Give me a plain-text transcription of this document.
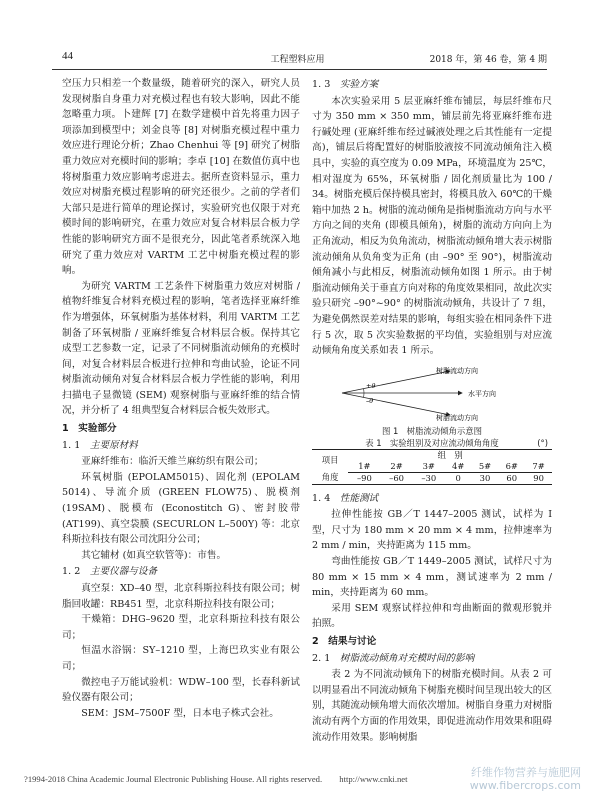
44	工程塑料应用	2018 年，第 46 卷，第 4 期

空压力只相差一个数量级，随着研究的深入，研究人员发现树脂自身重力对充模过程也有较大影响，因此不能忽略重力项。卜建辉 [7] 在数学建模中首先将重力因子项添加到模型中；刘金良等 [8] 对树脂充模过程中重力效应进行理论分析；Zhao Chenhui 等 [9] 研究了树脂重力效应对充模时间的影响；李卓 [10] 在数值仿真中也将树脂重力效应影响考虑进去。据所查资料显示，重力效应对树脂充模过程影响的研究还很少。之前的学者们大部只是进行简单的理论探讨，实验研究也仅限于对充模时间的影响研究，在重力效应对复合材料层合板力学性能的影响研究方面不是很充分，因此笔者系统深入地研究了重力效应对 VARTM 工艺中树脂充模过程的影响。

为研究 VARTM 工艺条件下树脂重力效应对树脂 / 植物纤维复合材料充模过程的影响，笔者选择亚麻纤维作为增强体，环氧树脂为基体材料，利用 VARTM 工艺制备了环氧树脂 / 亚麻纤维复合材料层合板。保持其它成型工艺参数一定，记录了不同树脂流动倾角的充模时间，对复合材料层合板进行拉伸和弯曲试验，论证不同树脂流动倾角对复合材料层合板力学性能的影响，利用扫描电子显微镜 (SEM) 观察树脂与亚麻纤维的结合情况，并分析了 4 组典型复合材料层合板失效形式。

1　实验部分
1. 1　 主要原材料

亚麻纤维布：临沂天维兰麻纺织有限公司；

环氧树脂 (EPOLAM5015)、固化剂 (EPOLAM 5014)、导流介质 (GREEN FLOW75)、脱模剂 (19SAM)、脱模布 (Econostitch G)、密封胶带 (AT199)、真空袋膜 (SECURLON L–500Y) 等：北京科斯拉科技有限公司沈阳分公司；

其它辅材 (如真空软管等)：市售。

1. 2　 主要仪器与设备

真空泵：XD–40 型，北京科斯拉科技有限公司；树脂回收罐：RB451 型，北京科斯拉科技有限公司；

干燥箱：DHG–9620 型，北京科斯拉科技有限公司；

恒温水浴锅：SY–1210 型，上海巴玖实业有限公司；

微控电子万能试验机：WDW–100 型，长春科新试验仪器有限公司；

SEM：JSM–7500F 型，日本电子株式会社。

1. 3　 实验方案

本次实验采用 5 层亚麻纤维布铺层，每层纤维布尺寸为 350 mm × 350 mm，铺层前先将亚麻纤维布进行碱处理 (亚麻纤维布经过碱液处理之后其性能有一定提高)，铺层后将配置好的树脂胶液按不同流动倾角注入模具中，实验的真空度为 0.09 MPa，环境温度为 25℃，相对湿度为 65%，环氧树脂 / 固化剂质量比为 100 / 34。树脂充模后保持模具密封，将模具放入 60℃的干燥箱中加热 2 h。树脂的流动倾角是指树脂流动方向与水平方向之间的夹角 (即模具倾角)，树脂的流动方向向上为正角流动，相反为负角流动，树脂流动倾角增大表示树脂流动倾角从负角变为正角 (由 –90° 至 90°)，树脂流动倾角减小与此相反，树脂流动倾角如图 1 所示。由于树脂流动倾角关于垂直方向对称的角度效果相同，故此次实验只研究 –90°~90° 的树脂流动倾角，共设计了 7 组，为避免偶然误差对结果的影响，每组实验在相同条件下进行 5 次，取 5 次实验数据的平均值，实验组别与对应流动倾角角度关系如表 1 所示。

+θ
–θ
树脂流动方向
水平方向
树脂流动方向
图 1　树脂流动倾角示意图
表 1　实验组别及对应流动倾角角度	(°)
项目	组　别						
	1#	2#	3#	4#	5#	6#	7#
角度	–90	–60	–30	0	30	60	90
1. 4　 性能测试

拉伸性能按 GB／T 1447–2005 测试，试样为 I 型，尺寸为 180 mm × 20 mm × 4 mm，拉伸速率为 2 mm / min，夹持距离为 115 mm。

弯曲性能按 GB／T 1449–2005 测试，试样尺寸为 80 mm × 15 mm × 4 mm，测试速率为 2 mm / min，夹持距离为 60 mm。

采用 SEM 观察试样拉伸和弯曲断面的微观形貌并拍照。

2　结果与讨论
2. 1　 树脂流动倾角对充模时间的影响

表 2 为不同流动倾角下的树脂充模时间。从表 2 可以明显看出不同流动倾角下树脂充模时间呈现出较大的区别，其随流动倾角增大而依次增加。树脂自身重力对树脂流动有两个方面的作用效果，即促进流动作用效果和阻碍流动作用效果。影响树脂

?1994-2018 China Academic Journal Electronic Publishing House. All rights reserved.　　http://www.cnki.net	纤维作物营养与施肥网
www.fibercrops.com
